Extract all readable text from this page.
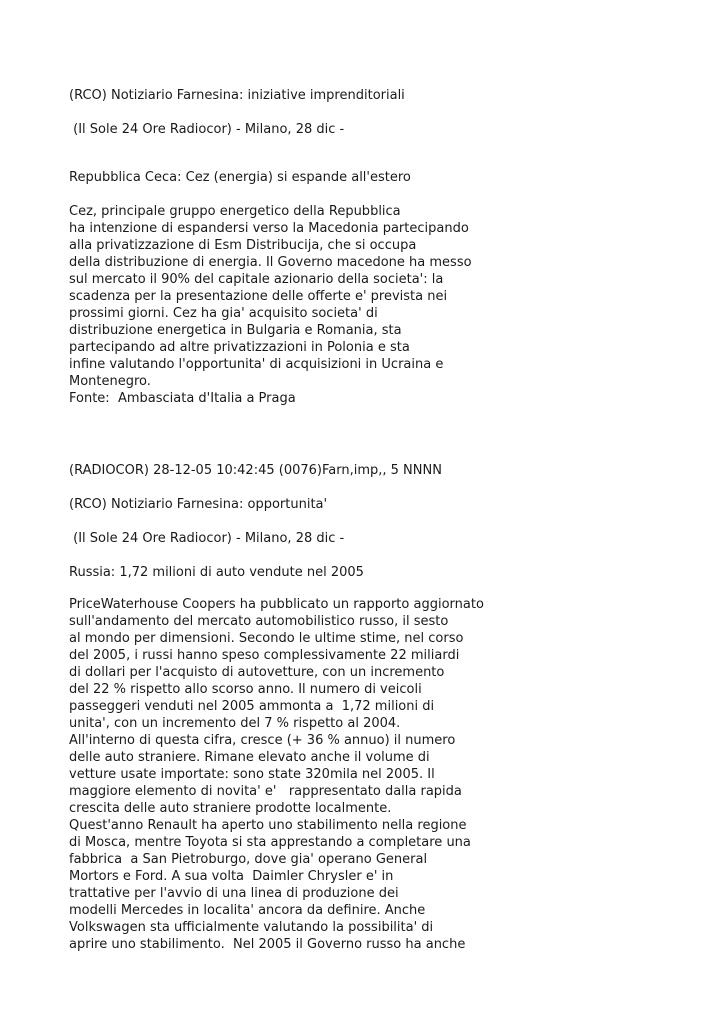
(RCO) Notiziario Farnesina: iniziative imprenditoriali

(Il Sole 24 Ore Radiocor) - Milano, 28 dic -

Repubblica Ceca: Cez (energia) si espande all'estero

Cez, principale gruppo energetico della Repubblica
ha intenzione di espandersi verso la Macedonia partecipando
alla privatizzazione di Esm Distribucija, che si occupa
della distribuzione di energia. Il Governo macedone ha messo
sul mercato il 90% del capitale azionario della societa': la
scadenza per la presentazione delle offerte e' prevista nei
prossimi giorni. Cez ha gia' acquisito societa' di
distribuzione energetica in Bulgaria e Romania, sta
partecipando ad altre privatizzazioni in Polonia e sta
infine valutando l'opportunita' di acquisizioni in Ucraina e
Montenegro.
Fonte:  Ambasciata d'Italia a Praga

(RADIOCOR) 28-12-05 10:42:45 (0076)Farn,imp,, 5 NNNN

(RCO) Notiziario Farnesina: opportunita'

(Il Sole 24 Ore Radiocor) - Milano, 28 dic -

Russia: 1,72 milioni di auto vendute nel 2005

PriceWaterhouse Coopers ha pubblicato un rapporto aggiornato
sull'andamento del mercato automobilistico russo, il sesto
al mondo per dimensioni. Secondo le ultime stime, nel corso
del 2005, i russi hanno speso complessivamente 22 miliardi
di dollari per l'acquisto di autovetture, con un incremento
del 22 % rispetto allo scorso anno. Il numero di veicoli
passeggeri venduti nel 2005 ammonta a  1,72 milioni di
unita', con un incremento del 7 % rispetto al 2004.
All'interno di questa cifra, cresce (+ 36 % annuo) il numero
delle auto straniere. Rimane elevato anche il volume di
vetture usate importate: sono state 320mila nel 2005. Il
maggiore elemento di novita' e'   rappresentato dalla rapida
crescita delle auto straniere prodotte localmente.
Quest'anno Renault ha aperto uno stabilimento nella regione
di Mosca, mentre Toyota si sta apprestando a completare una
fabbrica  a San Pietroburgo, dove gia' operano General
Mortors e Ford. A sua volta  Daimler Chrysler e' in
trattative per l'avvio di una linea di produzione dei
modelli Mercedes in localita' ancora da definire. Anche
Volkswagen sta ufficialmente valutando la possibilita' di
aprire uno stabilimento.  Nel 2005 il Governo russo ha anche
